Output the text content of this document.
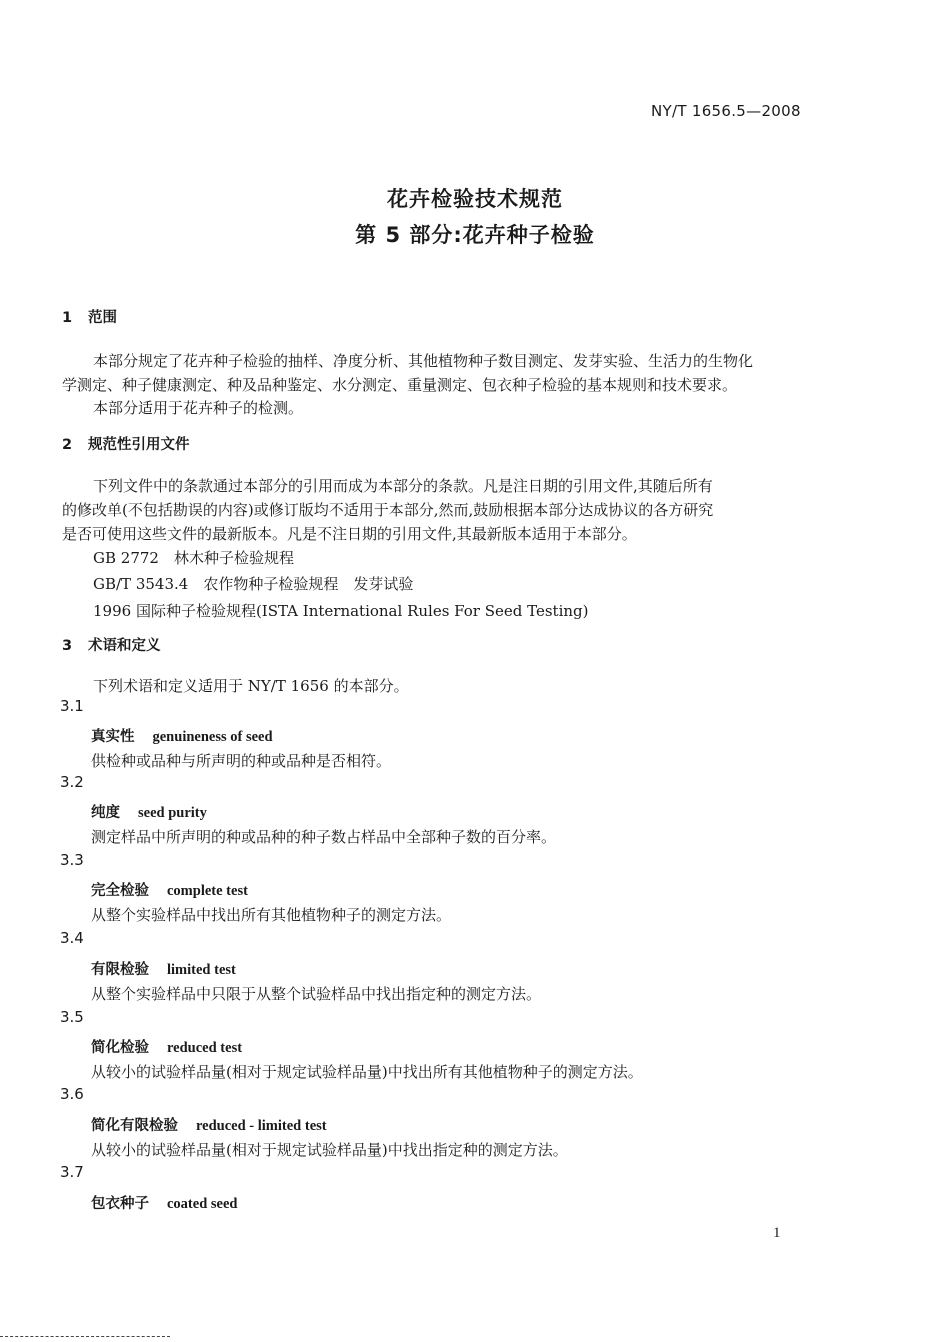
NY/T 1656.5—2008
花卉检验技术规范
第 5 部分:花卉种子检验
1 范围
本部分规定了花卉种子检验的抽样、净度分析、其他植物种子数目测定、发芽实验、生活力的生物化
学测定、种子健康测定、种及品种鉴定、水分测定、重量测定、包衣种子检验的基本规则和技术要求。
本部分适用于花卉种子的检测。
2 规范性引用文件
下列文件中的条款通过本部分的引用而成为本部分的条款。凡是注日期的引用文件,其随后所有
的修改单(不包括勘误的内容)或修订版均不适用于本部分,然而,鼓励根据本部分达成协议的各方研究
是否可使用这些文件的最新版本。凡是不注日期的引用文件,其最新版本适用于本部分。
GB 2772　林木种子检验规程
GB/T 3543.4　农作物种子检验规程　发芽试验
1996 国际种子检验规程(ISTA International Rules For Seed Testing)
3 术语和定义
下列术语和定义适用于 NY/T 1656 的本部分。
3.1
真实性 genuineness of seed
供检种或品种与所声明的种或品种是否相符。
3.2
纯度 seed purity
测定样品中所声明的种或品种的种子数占样品中全部种子数的百分率。
3.3
完全检验 complete test
从整个实验样品中找出所有其他植物种子的测定方法。
3.4
有限检验 limited test
从整个实验样品中只限于从整个试验样品中找出指定种的测定方法。
3.5
简化检验 reduced test
从较小的试验样品量(相对于规定试验样品量)中找出所有其他植物种子的测定方法。
3.6
简化有限检验 reduced - limited test
从较小的试验样品量(相对于规定试验样品量)中找出指定种的测定方法。
3.7
包衣种子 coated seed
1
